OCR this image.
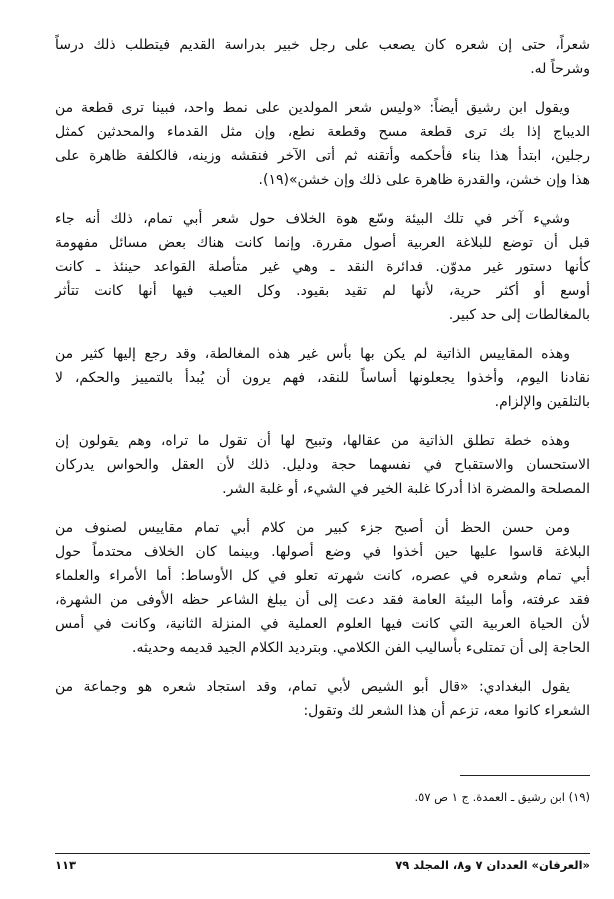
شعراً، حتى إن شعره كان يصعب على رجل خبير بدراسة القديم فيتطلب ذلك درساً
وشرحاً له.
ويقول ابن رشيق أيضاً: «وليس شعر المولدين على نمط واحد، فبينا ترى قطعة من
الديباج إذا بك ترى قطعة مسح وقطعة نطع، وإن مثل القدماء والمحدثين كمثل
رجلين، ابتدأ هذا بناء فأحكمه وأتقنه ثم أتى الآخر فنقشه وزينه، فالكلفة ظاهرة على
هذا وإن خشن، والقدرة ظاهرة على ذلك وإن خشن»(١٩).
وشيء آخر في تلك البيئة وسّع هوة الخلاف حول شعر أبي تمام، ذلك أنه جاء
قبل أن توضع للبلاغة العربية أصول مقررة. وإنما كانت هناك بعض مسائل مفهومة
كأنها دستور غير مدوّن. فدائرة النقد ـ وهي غير متأصلة القواعد حينئذ ـ كانت
أوسع أو أكثر حرية، لأنها لم تقيد بقيود. وكل العيب فيها أنها كانت تتأثر
بالمغالطات إلى حد كبير.
وهذه المقاييس الذاتية لم يكن بها بأس غير هذه المغالطة، وقد رجع إليها كثير من
نقادنا اليوم، وأخذوا يجعلونها أساساً للنقد، فهم يرون أن يُبدأ بالتمييز والحكم، لا
بالتلقين والإلزام.
وهذه خطة تطلق الذاتية من عقالها، وتبيح لها أن تقول ما تراه، وهم يقولون إن
الاستحسان والاستقباح في نفسهما حجة ودليل. ذلك لأن العقل والحواس يدركان
المصلحة والمضرة اذا أدركا غلبة الخير في الشيء، أو غلبة الشر.
ومن حسن الحظ أن أصبح جزء كبير من كلام أبي تمام مقاييس لصنوف من
البلاغة قاسوا عليها حين أخذوا في وضع أصولها. وبينما كان الخلاف محتدماً حول
أبي تمام وشعره في عصره، كانت شهرته تعلو في كل الأوساط: أما الأمراء والعلماء
فقد عرفته، وأما البيئة العامة فقد دعت إلى أن يبلغ الشاعر حظه الأوفى من الشهرة،
لأن الحياة العربية التي كانت فيها العلوم العملية في المنزلة الثانية، وكانت في أمس
الحاجة إلى أن تمتلىء بأساليب الفن الكلامي. وبترديد الكلام الجيد قديمه وحديثه.
يقول البغدادي: «قال أبو الشيص لأبي تمام، وقد استجاد شعره هو وجماعة من
الشعراء كانوا معه، تزعم أن هذا الشعر لك وتقول:
(١٩) ابن رشيق ـ العمدة. ج ١ ص ٥٧.
«العرفان» العددان ٧ و٨، المجلد ٧٩
١١٣
